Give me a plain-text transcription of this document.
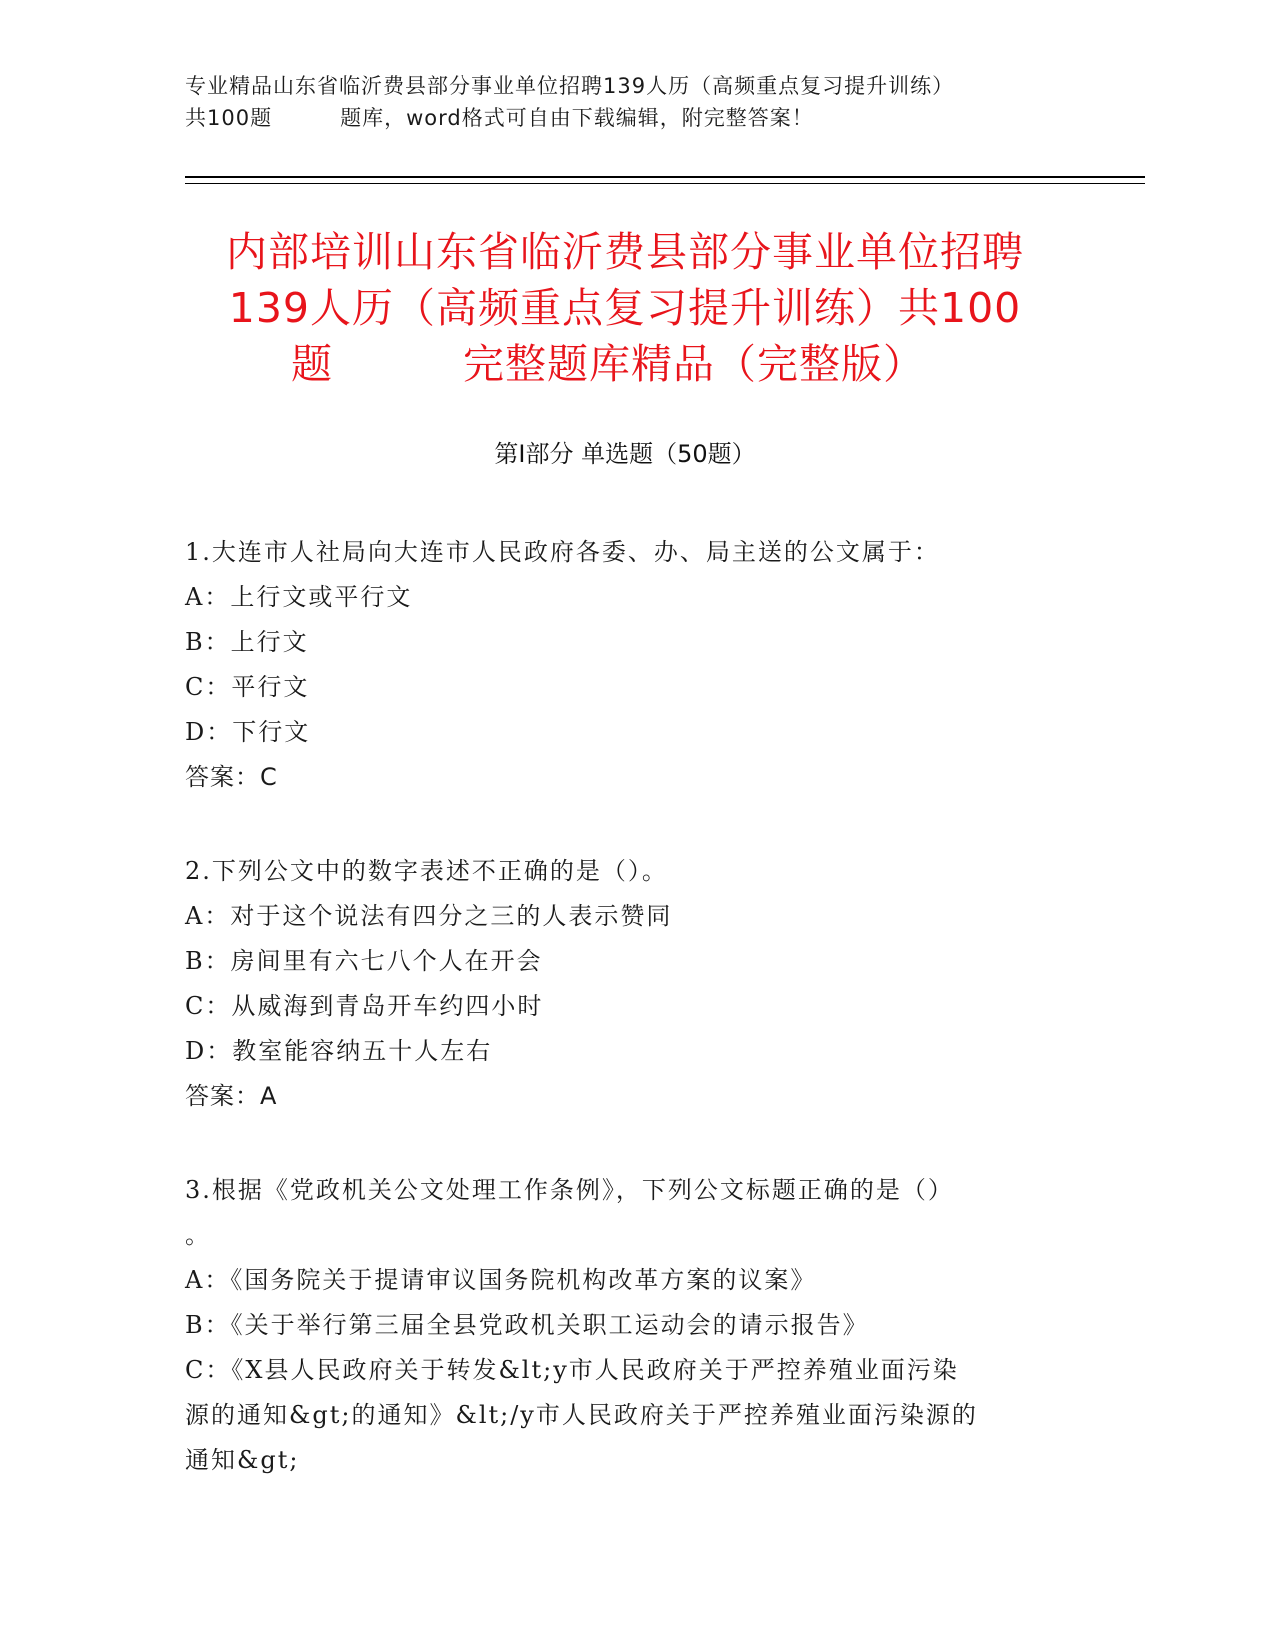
专业精品山东省临沂费县部分事业单位招聘139人历（高频重点复习提升训练）
共100题	题库，word格式可自由下载编辑，附完整答案！
内部培训山东省临沂费县部分事业单位招聘
139人历（高频重点复习提升训练）共100
题	完整题库精品（完整版）
第Ⅰ部分 单选题（50题）
1.大连市人社局向大连市人民政府各委、办、局主送的公文属于：
A：上行文或平行文
B：上行文
C：平行文
D：下行文
答案：C
2.下列公文中的数字表述不正确的是（）。
A：对于这个说法有四分之三的人表示赞同
B：房间里有六七八个人在开会
C：从威海到青岛开车约四小时
D：教室能容纳五十人左右
答案：A
3.根据《党政机关公文处理工作条例》，下列公文标题正确的是（）
。
A：《国务院关于提请审议国务院机构改革方案的议案》
B：《关于举行第三届全县党政机关职工运动会的请示报告》
C：《X县人民政府关于转发&lt;y市人民政府关于严控养殖业面污染
源的通知&gt;的通知》&lt;/y市人民政府关于严控养殖业面污染源的
通知&gt;
